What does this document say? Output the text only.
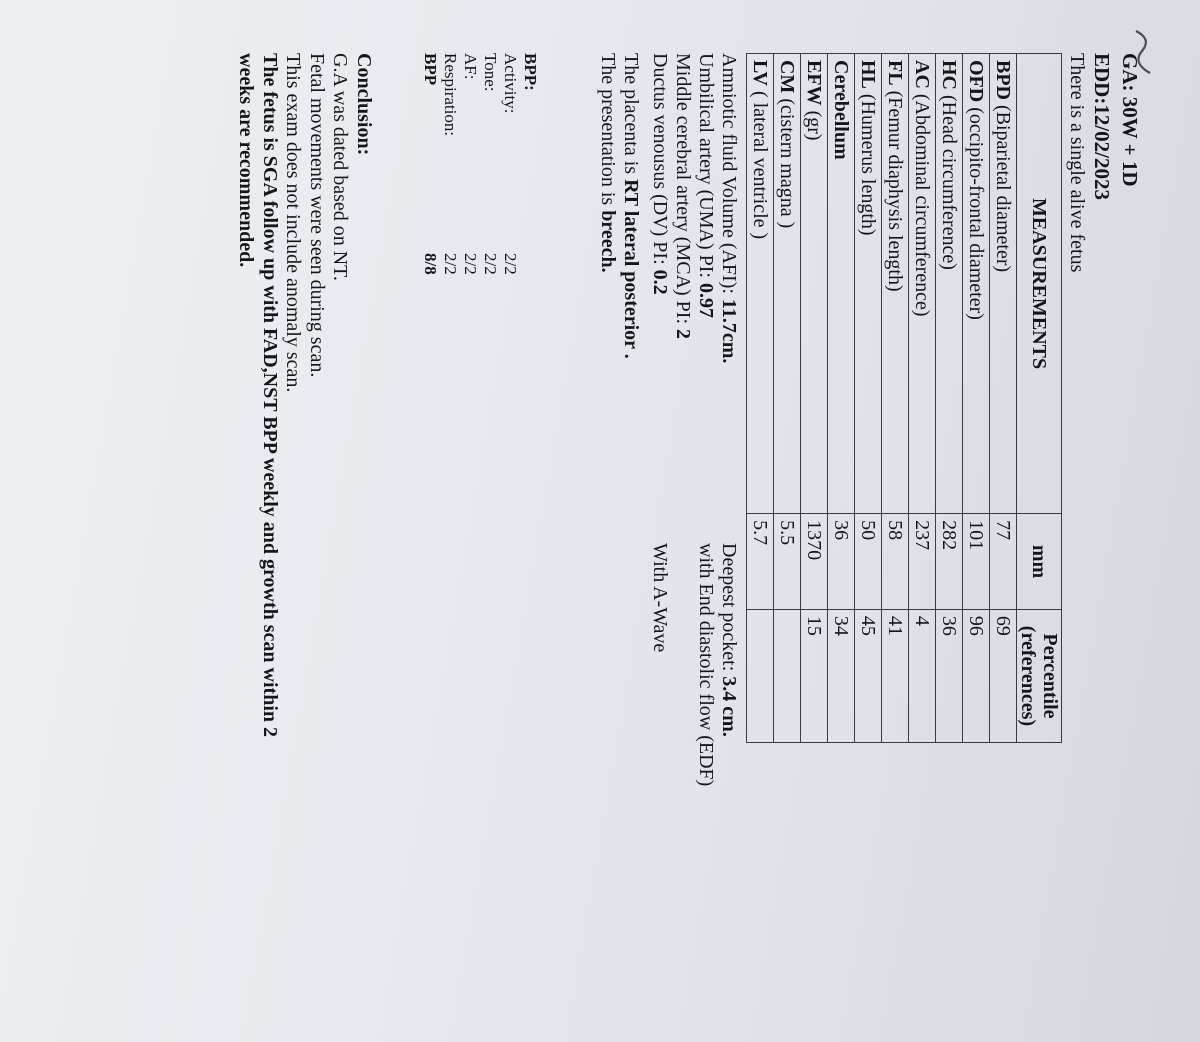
GA: 30W + 1D

EDD:12/02/2023

There is a single alive fetus

MEASUREMENTS	mm	Percentile
(references)
BPD (Biparietal diameter)	77	69
OFD (occipito-frontal diameter)	101	96
HC (Head circumference)	282	36
AC (Abdominal circumference)	237	4
FL (Femur diaphysis length)	58	41
HL (Humerus length)	50	45
Cerebellum	36	34
EFW (gr)	1370	15
CM (cistern magna )	5.5	
LV ( lateral ventricle )	5.7	
Amniotic fluid Volume (AFI): 11.7cm.
Deepest pocket: 3.4 cm.
Umbilical artery (UMA) PI: 0.97
with End diastolic flow (EDF)
Middle cerebral artery (MCA) PI: 2
Ductus venousus (DV) PI: 0.2
With A-Wave
The placenta is RT lateral posterior .
The presentation is breech.
BPP:
Activity:
2/2
Tone:
2/2
AF:
2/2
Respiration:
2/2
BPP
8/8
Conclusion:
G.A was dated based on NT.
Fetal movements were seen during scan.
This exam does not include anomaly scan.
The fetus is SGA follow up with FAD,NST BPP weekly and growth scan within 2
weeks are recommended.
